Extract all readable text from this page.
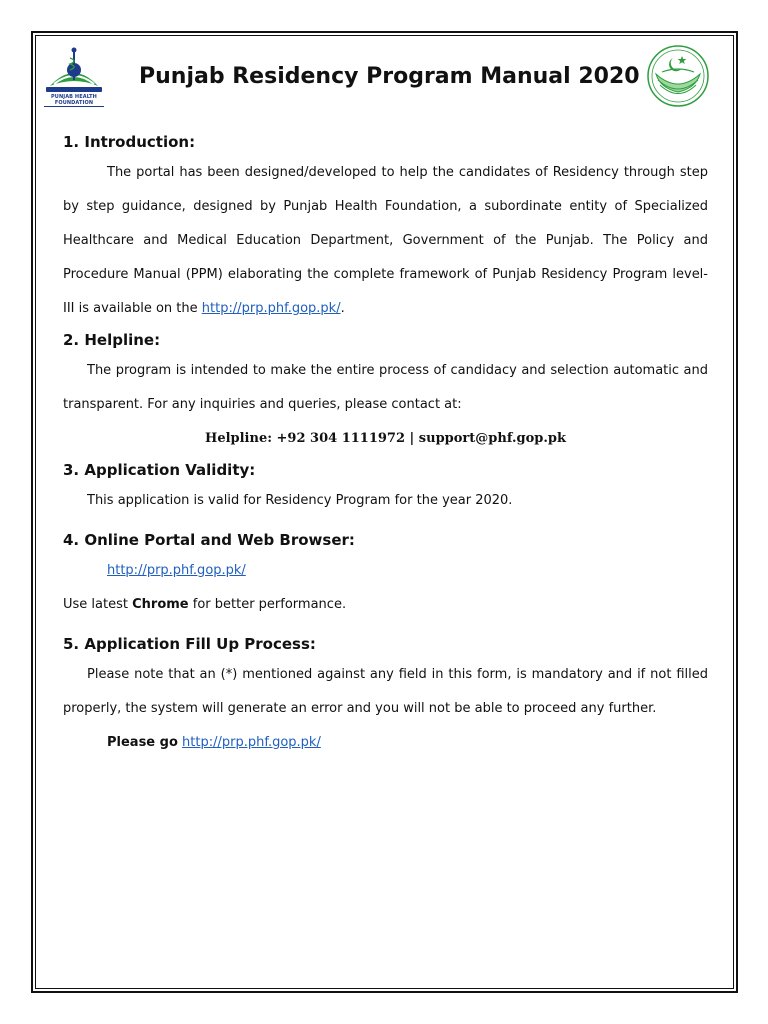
PUNJAB HEALTH
FOUNDATION
Punjab Residency Program Manual 2020
1. Introduction:

The portal has been designed/developed to help the candidates of Residency through step by step guidance, designed by Punjab Health Foundation, a subordinate entity of Specialized Healthcare and Medical Education Department, Government of the Punjab. The Policy and Procedure Manual (PPM) elaborating the complete framework of Punjab Residency Program level-III is available on the http://prp.phf.gop.pk/.

2. Helpline:

The program is intended to make the entire process of candidacy and selection automatic and transparent. For any inquiries and queries, please contact at:

Helpline: +92 304 1111972 | support@phf.gop.pk

3. Application Validity:

This application is valid for Residency Program for the year 2020.

4. Online Portal and Web Browser:

http://prp.phf.gop.pk/

Use latest Chrome for better performance.

5. Application Fill Up Process:

Please note that an (*) mentioned against any field in this form, is mandatory and if not filled properly, the system will generate an error and you will not be able to proceed any further.

Please go http://prp.phf.gop.pk/
